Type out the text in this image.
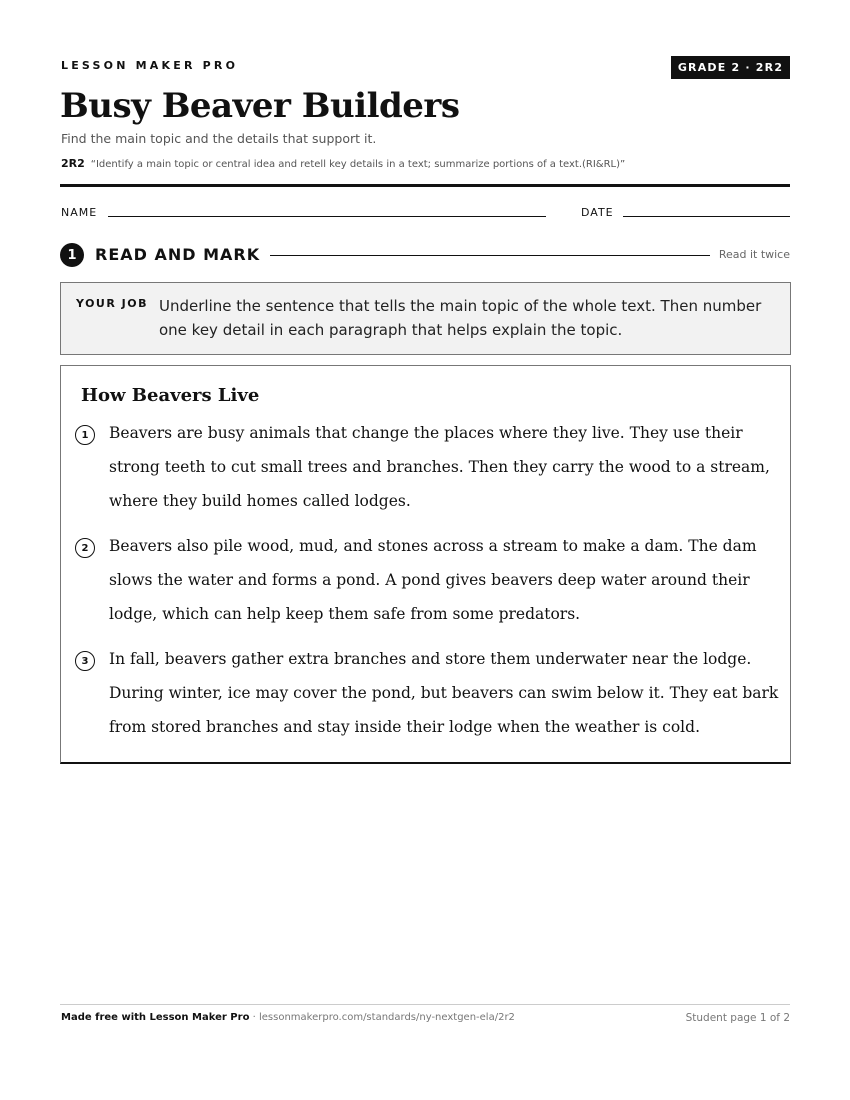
LESSON MAKER PRO	GRADE 2 · 2R2
Busy Beaver Builders
Find the main topic and the details that support it.
2R2 “Identify a main topic or central idea and retell key details in a text; summarize portions of a text.(RI&RL)”
NAME	DATE
1	READ AND MARK	Read it twice
YOUR JOB Underline the sentence that tells the main topic of the whole text. Then number one key detail in each paragraph that helps explain the topic.
How Beavers Live
1	Beavers are busy animals that change the places where they live. They use their strong teeth to cut small trees and branches. Then they carry the wood to a stream, where they build homes called lodges.
2	Beavers also pile wood, mud, and stones across a stream to make a dam. The dam slows the water and forms a pond. A pond gives beavers deep water around their lodge, which can help keep them safe from some predators.
3	In fall, beavers gather extra branches and store them underwater near the lodge. During winter, ice may cover the pond, but beavers can swim below it. They eat bark from stored branches and stay inside their lodge when the weather is cold.
Made free with Lesson Maker Pro · lessonmakerpro.com/standards/ny-nextgen-ela/2r2	Student page 1 of 2
